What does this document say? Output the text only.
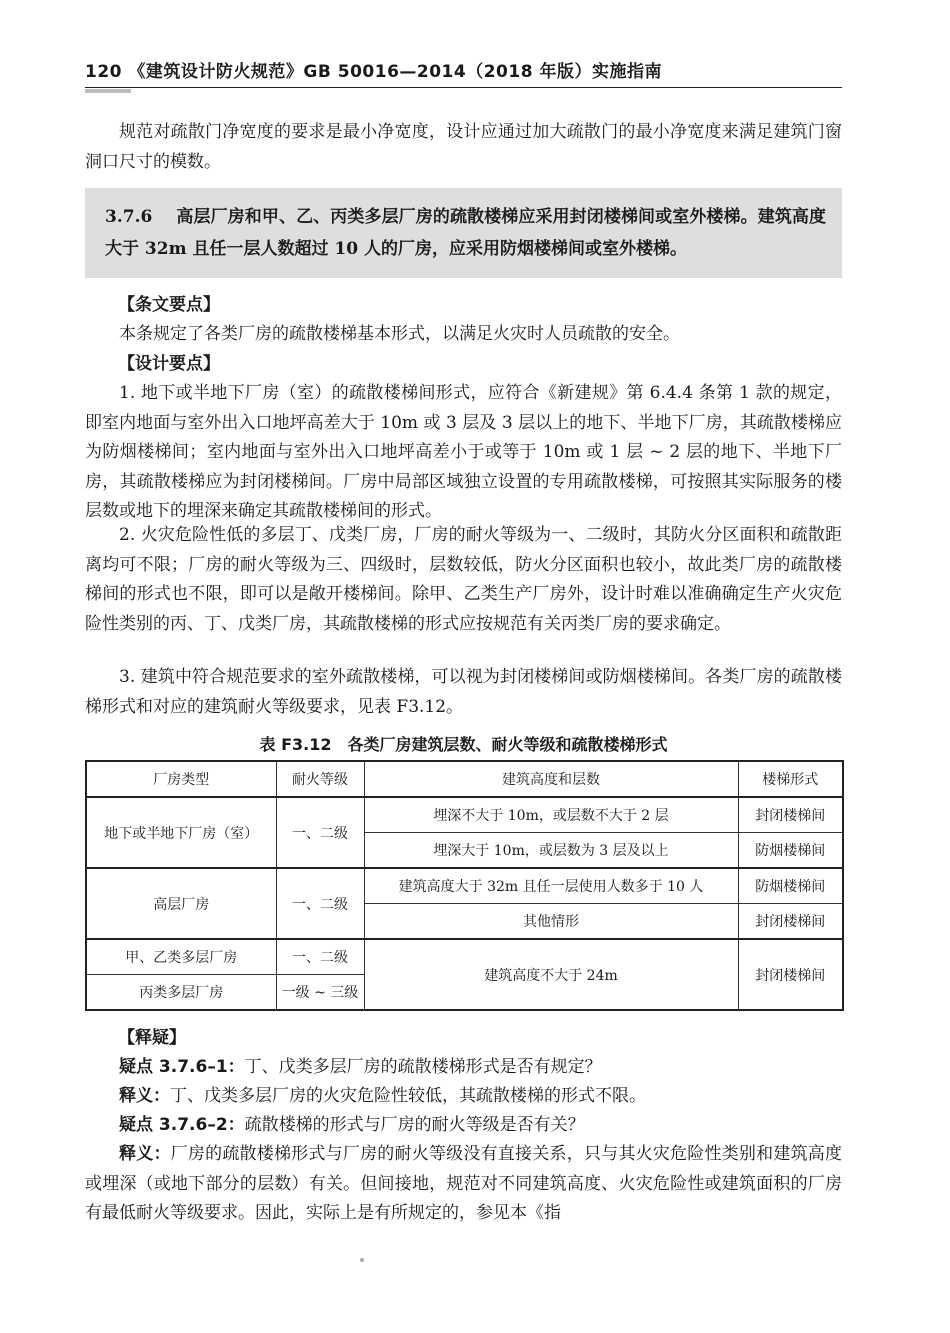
120 《建筑设计防火规范》GB 50016—2014（2018 年版）实施指南

规范对疏散门净宽度的要求是最小净宽度，设计应通过加大疏散门的最小净宽度来满足建筑门窗洞口尺寸的模数。

3.7.6 高层厂房和甲、乙、丙类多层厂房的疏散楼梯应采用封闭楼梯间或室外楼梯。建筑高度大于 32m 且任一层人数超过 10 人的厂房，应采用防烟楼梯间或室外楼梯。

【条文要点】

本条规定了各类厂房的疏散楼梯基本形式，以满足火灾时人员疏散的安全。

【设计要点】

1. 地下或半地下厂房（室）的疏散楼梯间形式，应符合《新建规》第 6.4.4 条第 1 款的规定，即室内地面与室外出入口地坪高差大于 10m 或 3 层及 3 层以上的地下、半地下厂房，其疏散楼梯应为防烟楼梯间；室内地面与室外出入口地坪高差小于或等于 10m 或 1 层 ~ 2 层的地下、半地下厂房，其疏散楼梯应为封闭楼梯间。厂房中局部区域独立设置的专用疏散楼梯，可按照其实际服务的楼层数或地下的埋深来确定其疏散楼梯间的形式。

2. 火灾危险性低的多层丁、戊类厂房，厂房的耐火等级为一、二级时，其防火分区面积和疏散距离均可不限；厂房的耐火等级为三、四级时，层数较低，防火分区面积也较小，故此类厂房的疏散楼梯间的形式也不限，即可以是敞开楼梯间。除甲、乙类生产厂房外，设计时难以准确确定生产火灾危险性类别的丙、丁、戊类厂房，其疏散楼梯的形式应按规范有关丙类厂房的要求确定。

3. 建筑中符合规范要求的室外疏散楼梯，可以视为封闭楼梯间或防烟楼梯间。各类厂房的疏散楼梯形式和对应的建筑耐火等级要求，见表 F3.12。

表 F3.12　各类厂房建筑层数、耐火等级和疏散楼梯形式
厂房类型	耐火等级	建筑高度和层数	楼梯形式
地下或半地下厂房（室）	一、二级	埋深不大于 10m，或层数不大于 2 层	封闭楼梯间
		埋深大于 10m，或层数为 3 层及以上	防烟楼梯间
高层厂房	一、二级	建筑高度大于 32m 且任一层使用人数多于 10 人	防烟楼梯间
		其他情形	封闭楼梯间
甲、乙类多层厂房	一、二级	建筑高度不大于 24m	封闭楼梯间
丙类多层厂房	一级 ~ 三级		

【释疑】

疑点 3.7.6–1：丁、戊类多层厂房的疏散楼梯形式是否有规定？

释义：丁、戊类多层厂房的火灾危险性较低，其疏散楼梯的形式不限。

疑点 3.7.6–2：疏散楼梯的形式与厂房的耐火等级是否有关？

释义：厂房的疏散楼梯形式与厂房的耐火等级没有直接关系，只与其火灾危险性类别和建筑高度或埋深（或地下部分的层数）有关。但间接地，规范对不同建筑高度、火灾危险性或建筑面积的厂房有最低耐火等级要求。因此，实际上是有所规定的，参见本《指
